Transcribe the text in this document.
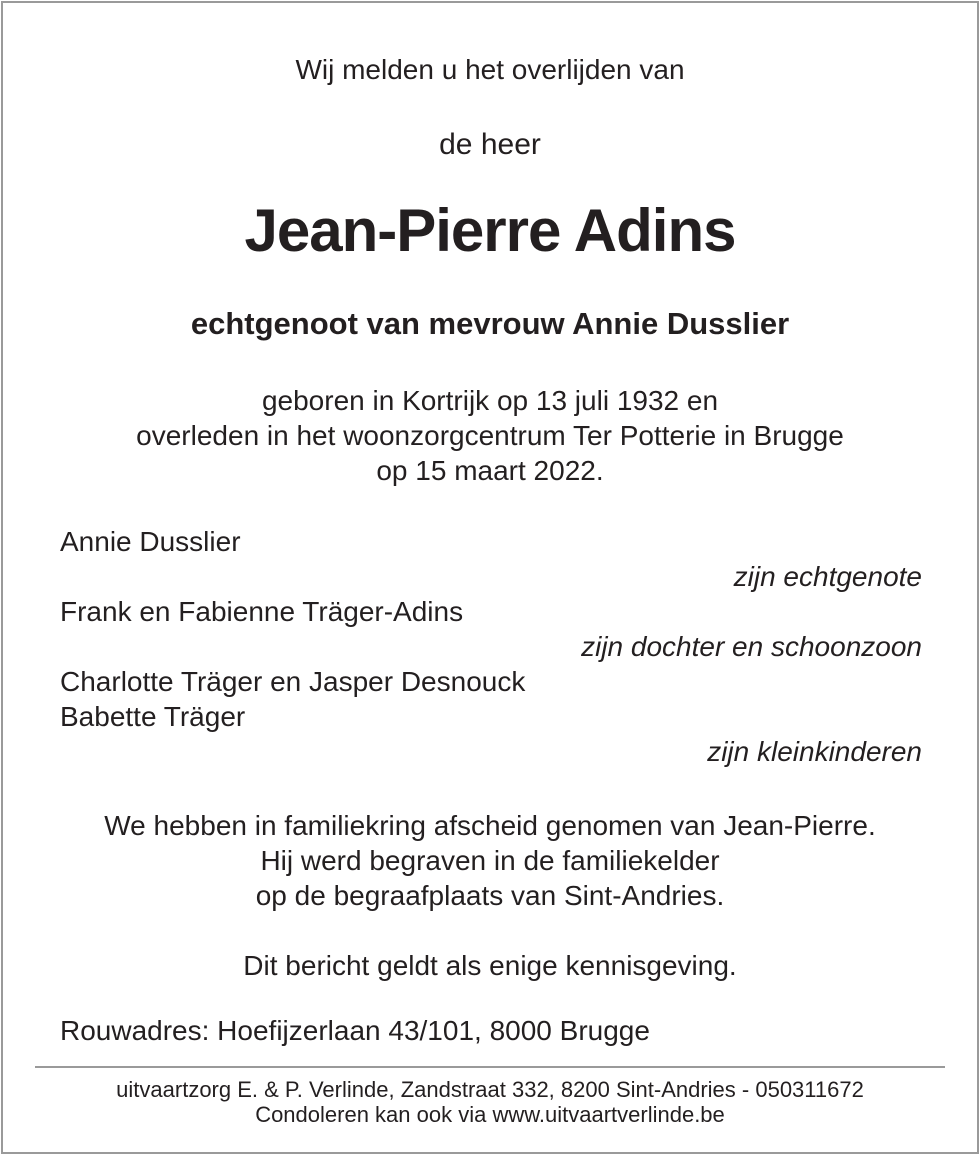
Wij melden u het overlijden van
de heer
Jean-Pierre Adins
echtgenoot van mevrouw Annie Dusslier
geboren in Kortrijk op 13 juli 1932 en
overleden in het woonzorgcentrum Ter Potterie in Brugge
op 15 maart 2022.
Annie Dusslier
zijn echtgenote
Frank en Fabienne Träger-Adins
zijn dochter en schoonzoon
Charlotte Träger en Jasper Desnouck
Babette Träger
zijn kleinkinderen
We hebben in familiekring afscheid genomen van Jean-Pierre.
Hij werd begraven in de familiekelder
op de begraafplaats van Sint-Andries.
Dit bericht geldt als enige kennisgeving.
Rouwadres: Hoefijzerlaan 43/101, 8000 Brugge
uitvaartzorg E. & P. Verlinde, Zandstraat 332, 8200 Sint-Andries - 050311672
Condoleren kan ook via www.uitvaartverlinde.be
